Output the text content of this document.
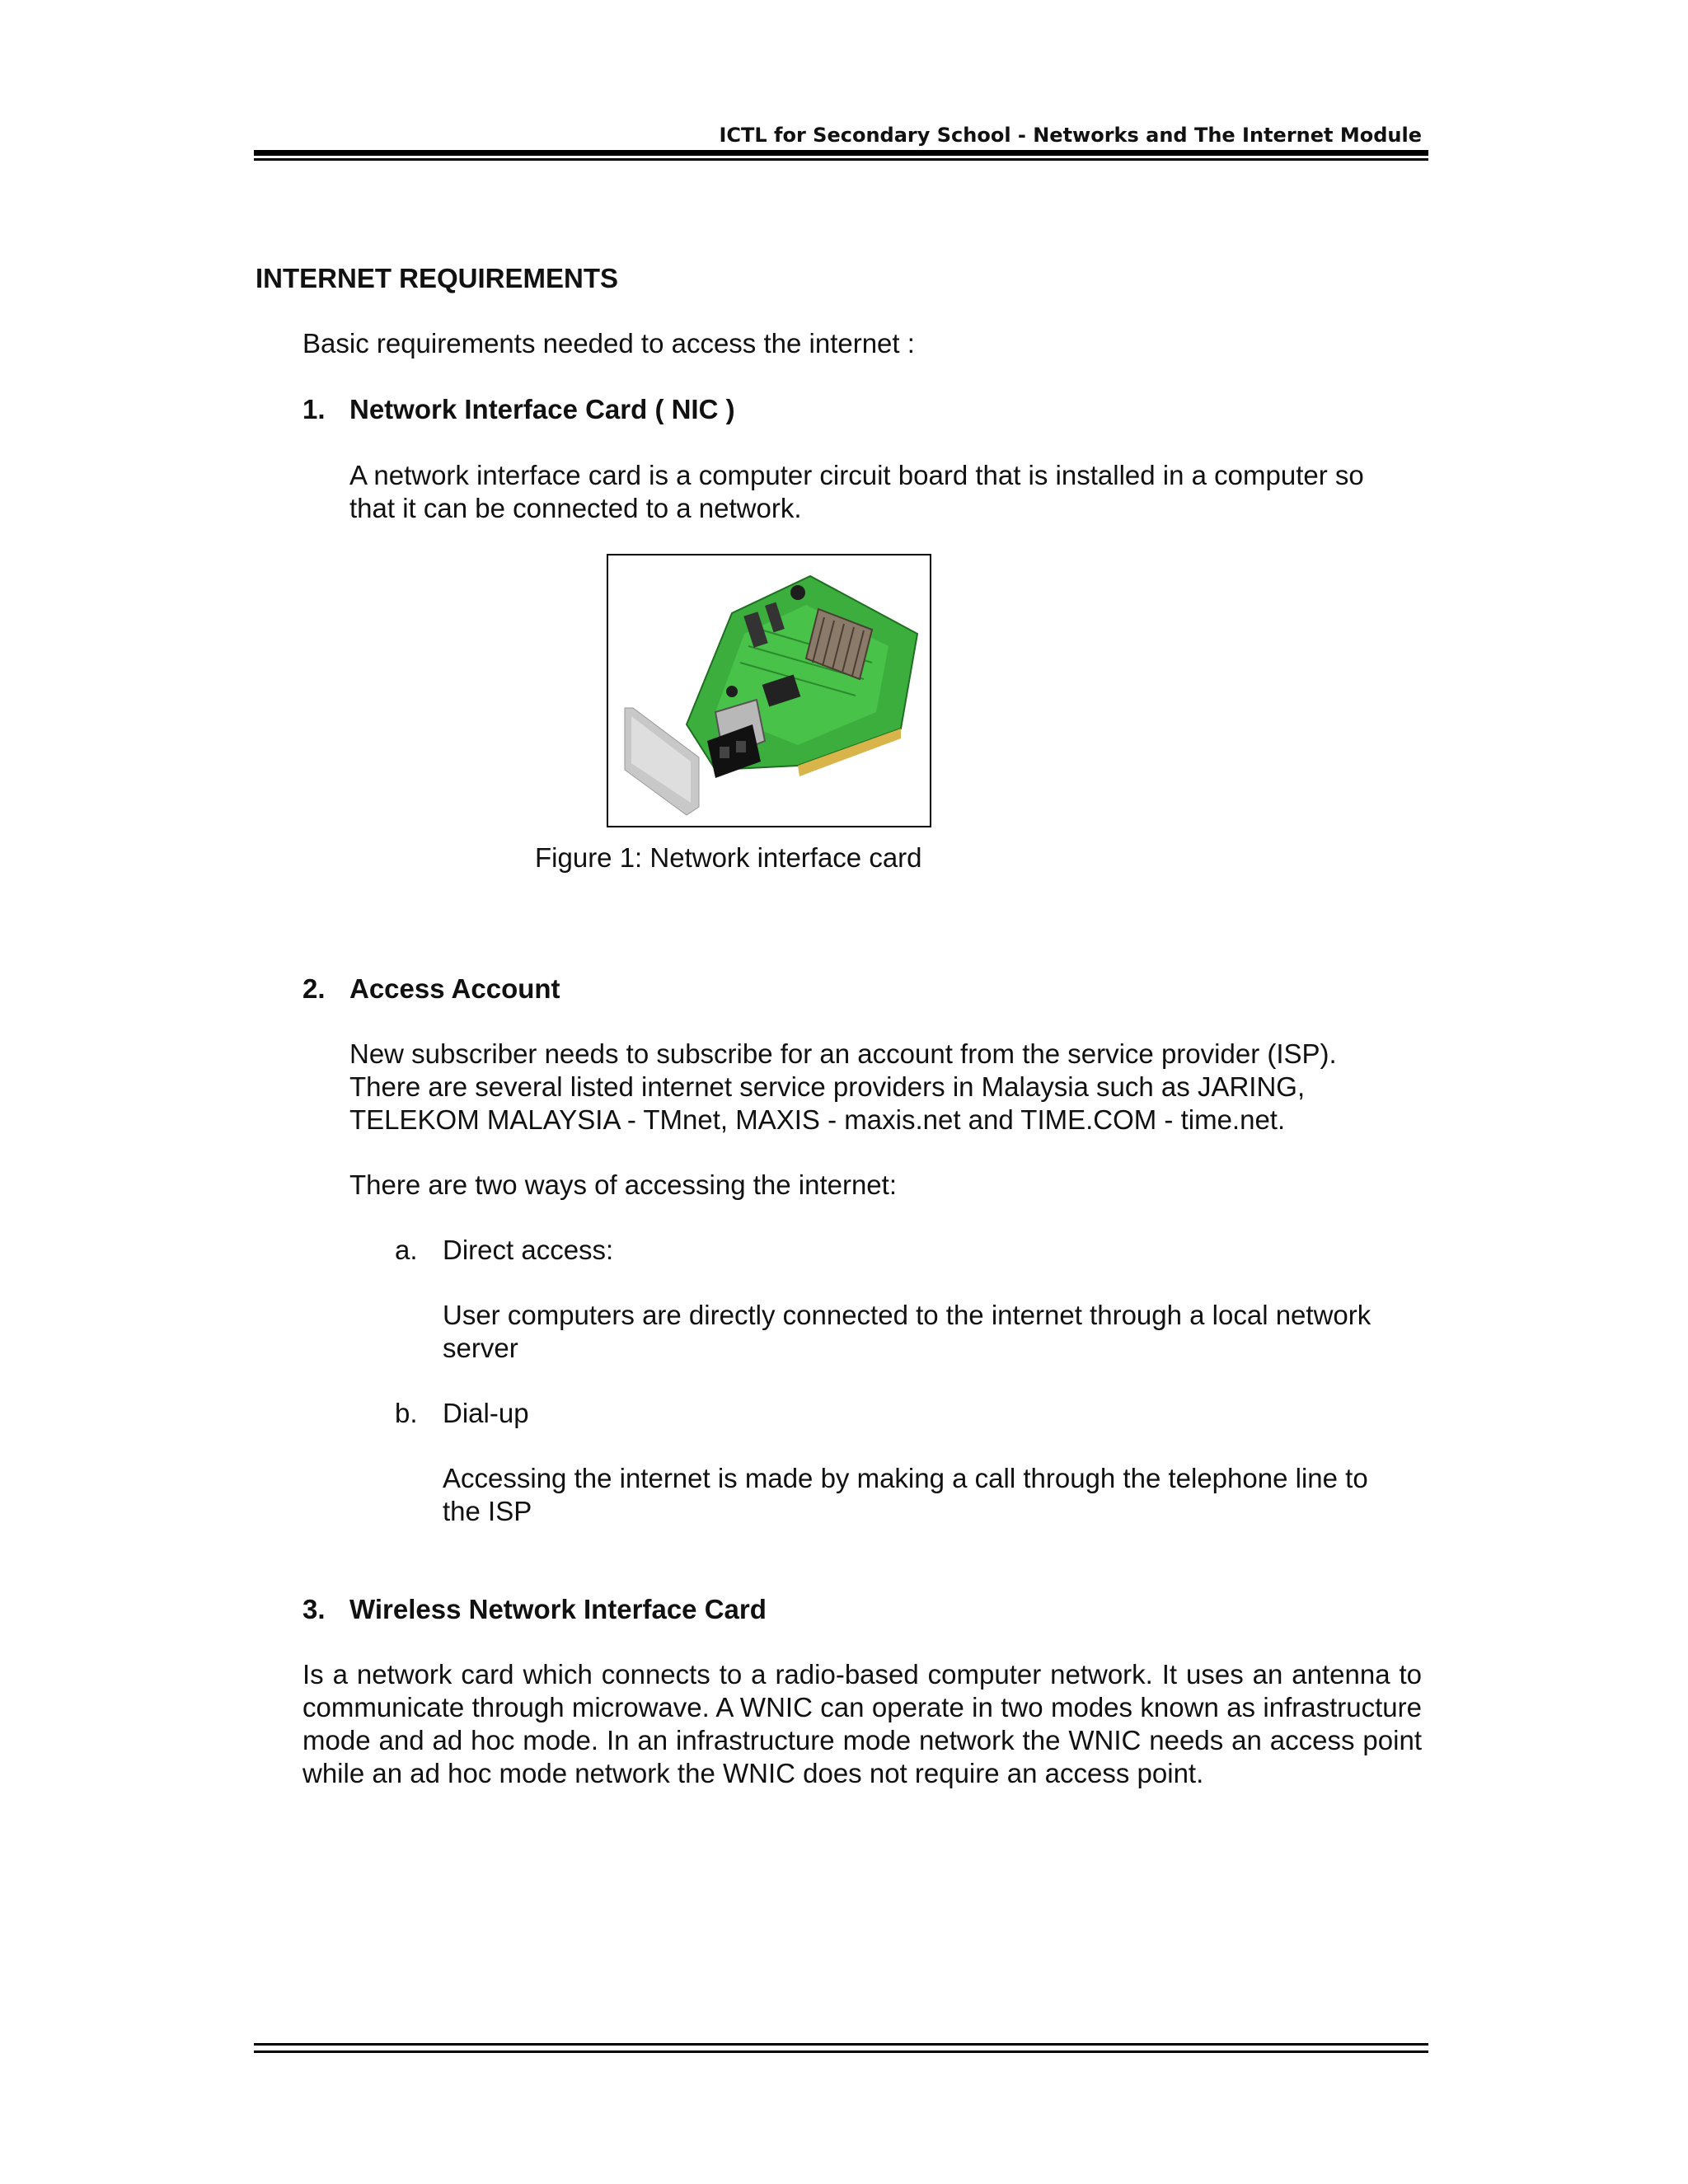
ICTL for Secondary School - Networks and The Internet Module
INTERNET REQUIREMENTS
Basic requirements needed to access the internet :
1. Network Interface Card ( NIC )
A network interface card is a computer circuit board that is installed in a computer so
that it can be connected to a network.
Figure 1: Network interface card
2. Access Account
New subscriber needs to subscribe for an account from the service provider (ISP).
There are several listed internet service providers in Malaysia such as JARING,
TELEKOM MALAYSIA - TMnet, MAXIS - maxis.net and TIME.COM - time.net.
There are two ways of accessing the internet:
a. Direct access:
User computers are directly connected to the internet through a local network
server
b. Dial-up
Accessing the internet is made by making a call through the telephone line to
the ISP
3. Wireless Network Interface Card
Is a network card which connects to a radio-based computer network. It uses an antenna to communicate through microwave. A WNIC can operate in two modes known as infrastructure mode and ad hoc mode. In an infrastructure mode network the WNIC needs an access point while an ad hoc mode network the WNIC does not require an access point.
